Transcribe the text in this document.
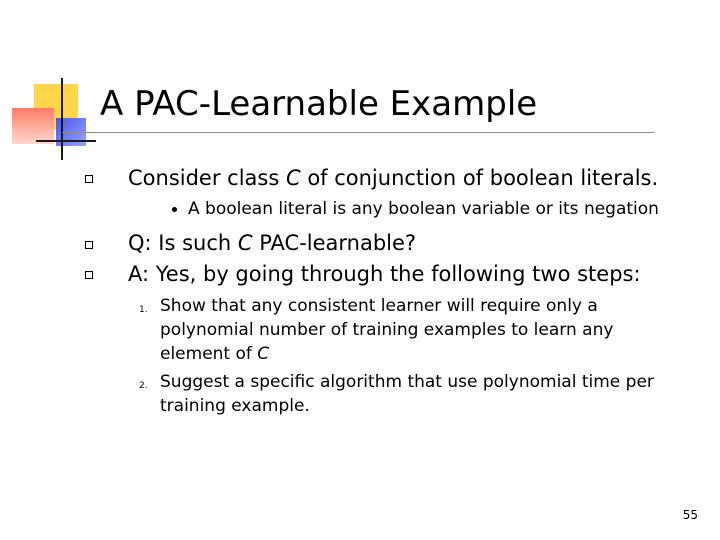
A PAC-Learnable Example
Consider class C of conjunction of boolean literals.
A boolean literal is any boolean variable or its negation
Q: Is such C PAC-learnable?
A: Yes, by going through the following two steps:
1. Show that any consistent learner will require only a
polynomial number of training examples to learn any
element of C
2. Suggest a specific algorithm that use polynomial time per
training example.
55
